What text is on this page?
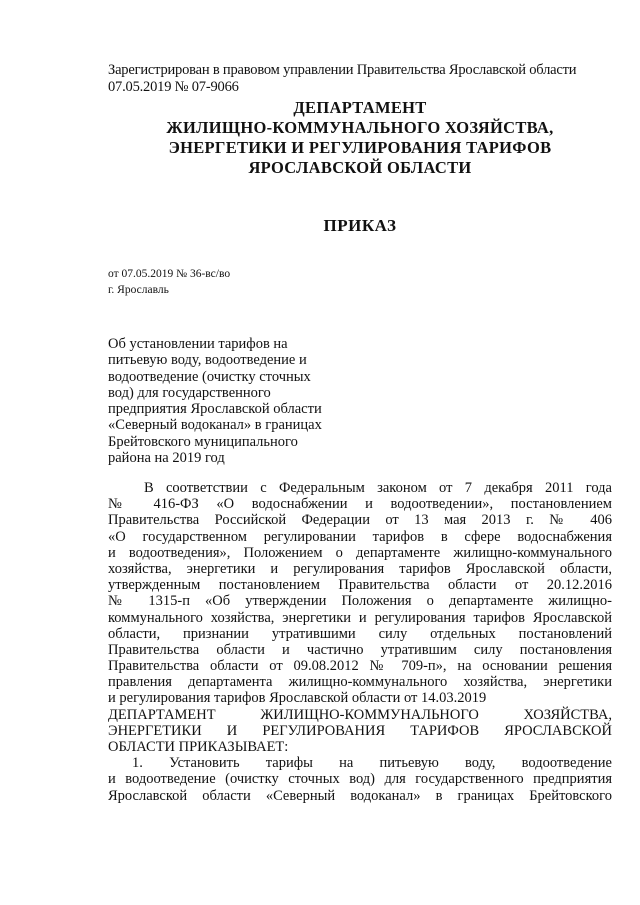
Зарегистрирован в правовом управлении Правительства Ярославской области
07.05.2019 № 07-9066
ДЕПАРТАМЕНТ
ЖИЛИЩНО-КОММУНАЛЬНОГО ХОЗЯЙСТВА,
ЭНЕРГЕТИКИ И РЕГУЛИРОВАНИЯ ТАРИФОВ
ЯРОСЛАВСКОЙ ОБЛАСТИ
ПРИКАЗ
от 07.05.2019 № 36-вс/во
г. Ярославль
Об установлении тарифов на
питьевую воду, водоотведение и
водоотведение (очистку сточных
вод) для государственного
предприятия Ярославской области
«Северный водоканал» в границах
Брейтовского муниципального
района на 2019 год
В соответствии с Федеральным законом от 7 декабря 2011 года
№ 416-ФЗ «О водоснабжении и водоотведении», постановлением
Правительства Российской Федерации от 13 мая 2013 г. № 406
«О государственном регулировании тарифов в сфере водоснабжения
и водоотведения», Положением о департаменте жилищно-коммунального
хозяйства, энергетики и регулирования тарифов Ярославской области,
утвержденным постановлением Правительства области от 20.12.2016
№ 1315-п «Об утверждении Положения о департаменте жилищно-
коммунального хозяйства, энергетики и регулирования тарифов Ярославской
области, признании утратившими силу отдельных постановлений
Правительства области и частично утратившим силу постановления
Правительства области от 09.08.2012 № 709-п», на основании решения
правления департамента жилищно-коммунального хозяйства, энергетики
и регулирования тарифов Ярославской области от 14.03.2019
ДЕПАРТАМЕНТ ЖИЛИЩНО-КОММУНАЛЬНОГО ХОЗЯЙСТВА,
ЭНЕРГЕТИКИ И РЕГУЛИРОВАНИЯ ТАРИФОВ ЯРОСЛАВСКОЙ
ОБЛАСТИ ПРИКАЗЫВАЕТ:
1. Установить тарифы на питьевую воду, водоотведение
и водоотведение (очистку сточных вод) для государственного предприятия
Ярославской области «Северный водоканал» в границах Брейтовского
